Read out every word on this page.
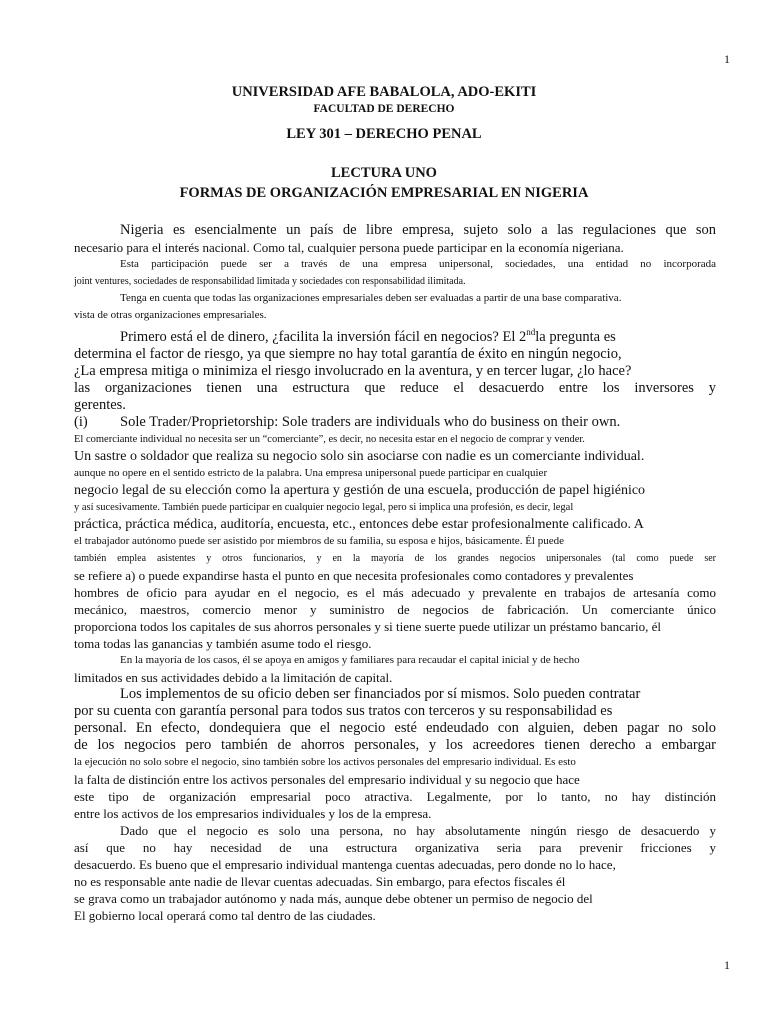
1
UNIVERSIDAD AFE BABALOLA, ADO-EKITI
FACULTAD DE DERECHO
LEY 301 – DERECHO PENAL
LECTURA UNO
FORMAS DE ORGANIZACIÓN EMPRESARIAL EN NIGERIA
Nigeria es esencialmente un país de libre empresa, sujeto solo a las regulaciones que son
necesario para el interés nacional. Como tal, cualquier persona puede participar en la economía nigeriana.
Esta participación puede ser a través de una empresa unipersonal, sociedades, una entidad no incorporada
joint ventures, sociedades de responsabilidad limitada y sociedades con responsabilidad ilimitada.
Tenga en cuenta que todas las organizaciones empresariales deben ser evaluadas a partir de una base comparativa.
vista de otras organizaciones empresariales.
Primero está el de dinero, ¿facilita la inversión fácil en negocios? El 2ndla pregunta es
determina el factor de riesgo, ya que siempre no hay total garantía de éxito en ningún negocio,
¿La empresa mitiga o minimiza el riesgo involucrado en la aventura, y en tercer lugar, ¿lo hace?
las organizaciones tienen una estructura que reduce el desacuerdo entre los inversores y
gerentes.
(i) Sole Trader/Proprietorship: Sole traders are individuals who do business on their own.
El comerciante individual no necesita ser un “comerciante”, es decir, no necesita estar en el negocio de comprar y vender.
Un sastre o soldador que realiza su negocio solo sin asociarse con nadie es un comerciante individual.
aunque no opere en el sentido estricto de la palabra. Una empresa unipersonal puede participar en cualquier
negocio legal de su elección como la apertura y gestión de una escuela, producción de papel higiénico
y así sucesivamente. También puede participar en cualquier negocio legal, pero si implica una profesión, es decir, legal
práctica, práctica médica, auditoría, encuesta, etc., entonces debe estar profesionalmente calificado. A
el trabajador autónomo puede ser asistido por miembros de su familia, su esposa e hijos, básicamente. Él puede
también emplea asistentes y otros funcionarios, y en la mayoría de los grandes negocios unipersonales (tal como puede ser
se refiere a) o puede expandirse hasta el punto en que necesita profesionales como contadores y prevalentes
hombres de oficio para ayudar en el negocio, es el más adecuado y prevalente en trabajos de artesanía como
mecánico, maestros, comercio menor y suministro de negocios de fabricación. Un comerciante único
proporciona todos los capitales de sus ahorros personales y si tiene suerte puede utilizar un préstamo bancario, él
toma todas las ganancias y también asume todo el riesgo.
En la mayoría de los casos, él se apoya en amigos y familiares para recaudar el capital inicial y de hecho
limitados en sus actividades debido a la limitación de capital.
Los implementos de su oficio deben ser financiados por sí mismos. Solo pueden contratar
por su cuenta con garantía personal para todos sus tratos con terceros y su responsabilidad es
personal. En efecto, dondequiera que el negocio esté endeudado con alguien, deben pagar no solo
de los negocios pero también de ahorros personales, y los acreedores tienen derecho a embargar
la ejecución no solo sobre el negocio, sino también sobre los activos personales del empresario individual. Es esto
la falta de distinción entre los activos personales del empresario individual y su negocio que hace
este tipo de organización empresarial poco atractiva. Legalmente, por lo tanto, no hay distinción
entre los activos de los empresarios individuales y los de la empresa.
Dado que el negocio es solo una persona, no hay absolutamente ningún riesgo de desacuerdo y
así que no hay necesidad de una estructura organizativa seria para prevenir fricciones y
desacuerdo. Es bueno que el empresario individual mantenga cuentas adecuadas, pero donde no lo hace,
no es responsable ante nadie de llevar cuentas adecuadas. Sin embargo, para efectos fiscales él
se grava como un trabajador autónomo y nada más, aunque debe obtener un permiso de negocio del
El gobierno local operará como tal dentro de las ciudades.
1
